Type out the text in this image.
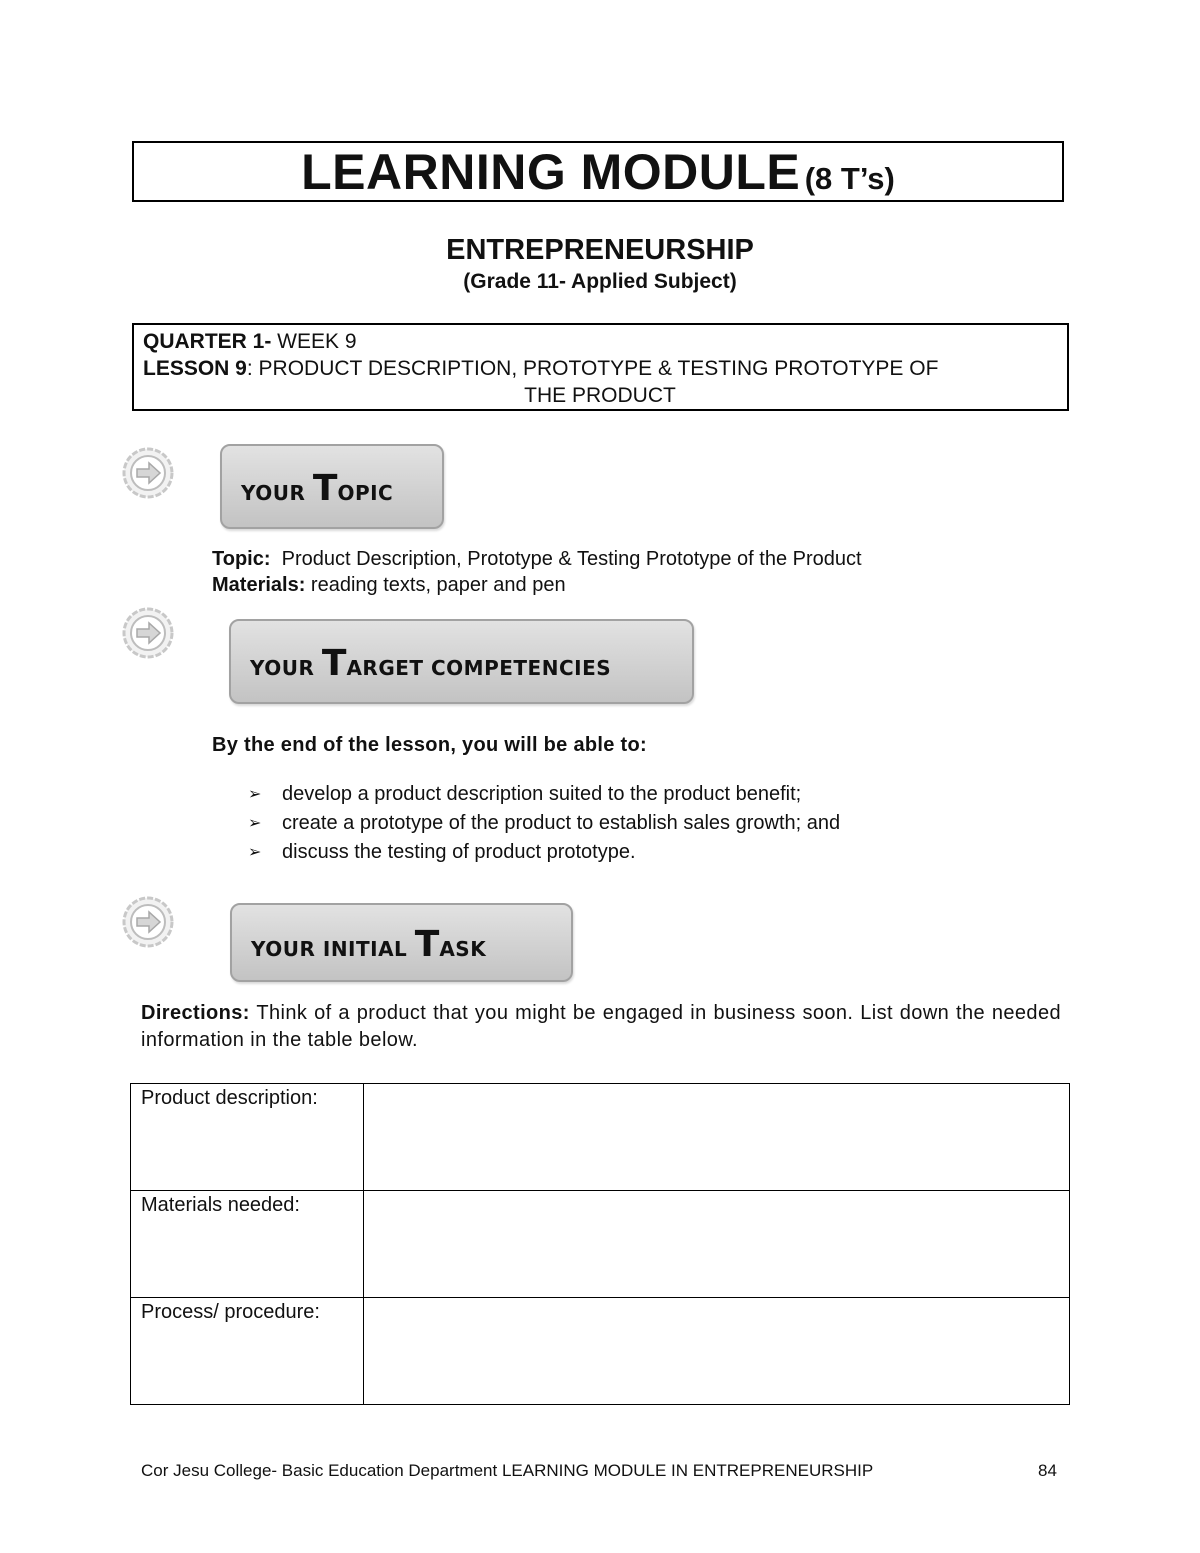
LEARNING MODULE (8 T’s)
ENTREPRENEURSHIP
(Grade 11- Applied Subject)
QUARTER 1- WEEK 9
LESSON 9: PRODUCT DESCRIPTION, PROTOTYPE & TESTING PROTOTYPE OF
THE PRODUCT
YOUR TOPIC
Topic:  Product Description, Prototype & Testing Prototype of the Product
Materials: reading texts, paper and pen
YOUR TARGET COMPETENCIES
By the end of the lesson, you will be able to:
➢	develop a product description suited to the product benefit;
➢	create a prototype of the product to establish sales growth; and
➢	discuss the testing of product prototype.
YOUR INITIAL TASK
Directions: Think of a product that you might be engaged in business soon. List down the needed information in the table below.
Product description:	
Materials needed:	
Process/ procedure:	
Cor Jesu College- Basic Education Department LEARNING MODULE IN ENTREPRENEURSHIP	84
